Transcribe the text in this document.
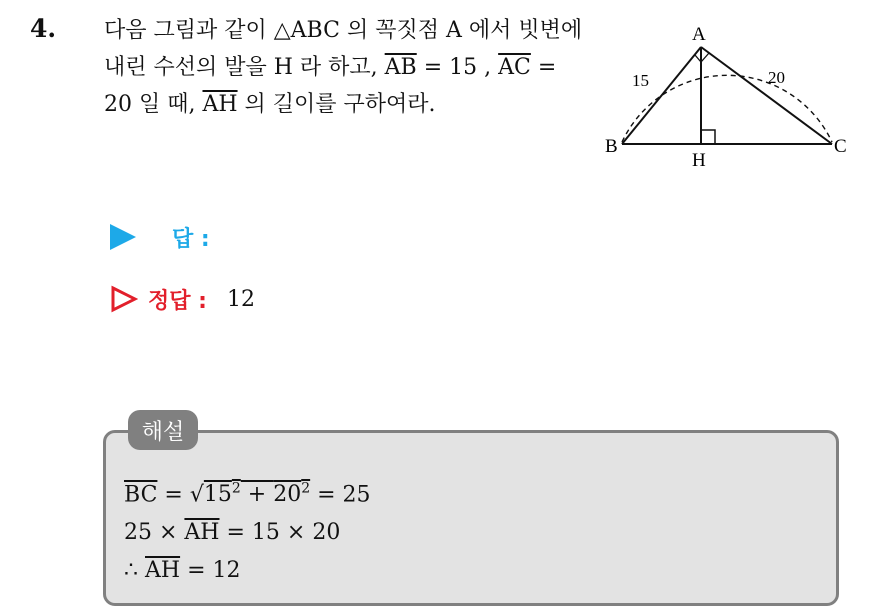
4. 다음 그림과 같이 △ABC 의 꼭짓점 A 에서 빗변에 내린 수선의 발을 H 라 하고, $\overline{AB} = 15$ , $\overline{AC} = 20$ 일 때, $\overline{AH}$ 의 길이를 구하여라.
A
B	C
H
15	20
답 :
정답 : 12
해설
$\overline{BC} = √15^2 + 20^2 = 25$
$25 \times \overline{AH} = 15 \times 20$
∴ $\overline{AH} = 12$
